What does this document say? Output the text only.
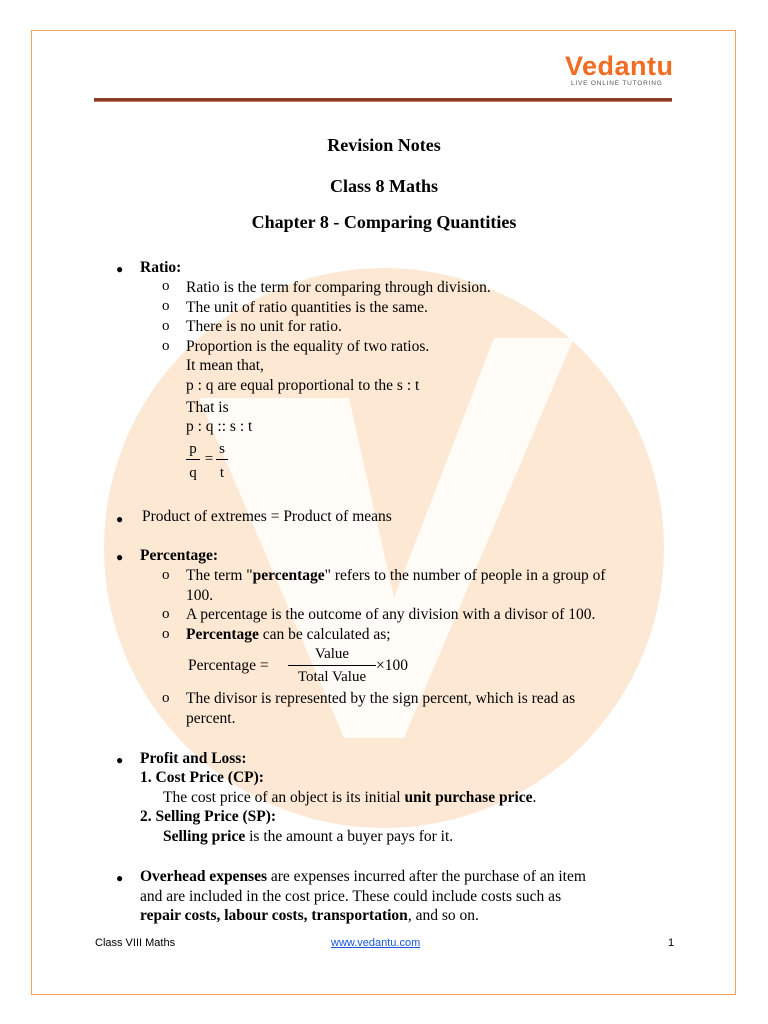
Vedantu
LIVE ONLINE TUTORING
Revision Notes
Class 8 Maths
Chapter 8 - Comparing Quantities
● Ratio:
o Ratio is the term for comparing through division.
o The unit of ratio quantities is the same.
o There is no unit for ratio.
o Proportion is the equality of two ratios.
It mean that,
p : q are equal proportional to the s : t
That is
p : q :: s : t
p
q
=
s
t
● Product of extremes = Product of means
● Percentage:
o The term "percentage" refers to the number of people in a group of
100.
o A percentage is the outcome of any division with a divisor of 100.
o Percentage can be calculated as;
Percentage =
Value
Total Value
×100
o The divisor is represented by the sign percent, which is read as
percent.
● Profit and Loss:
1. Cost Price (CP):
The cost price of an object is its initial unit purchase price.
2. Selling Price (SP):
Selling price is the amount a buyer pays for it.
● Overhead expenses are expenses incurred after the purchase of an item
and are included in the cost price. These could include costs such as
repair costs, labour costs, transportation, and so on.
Class VIII Maths	www.vedantu.com	1
